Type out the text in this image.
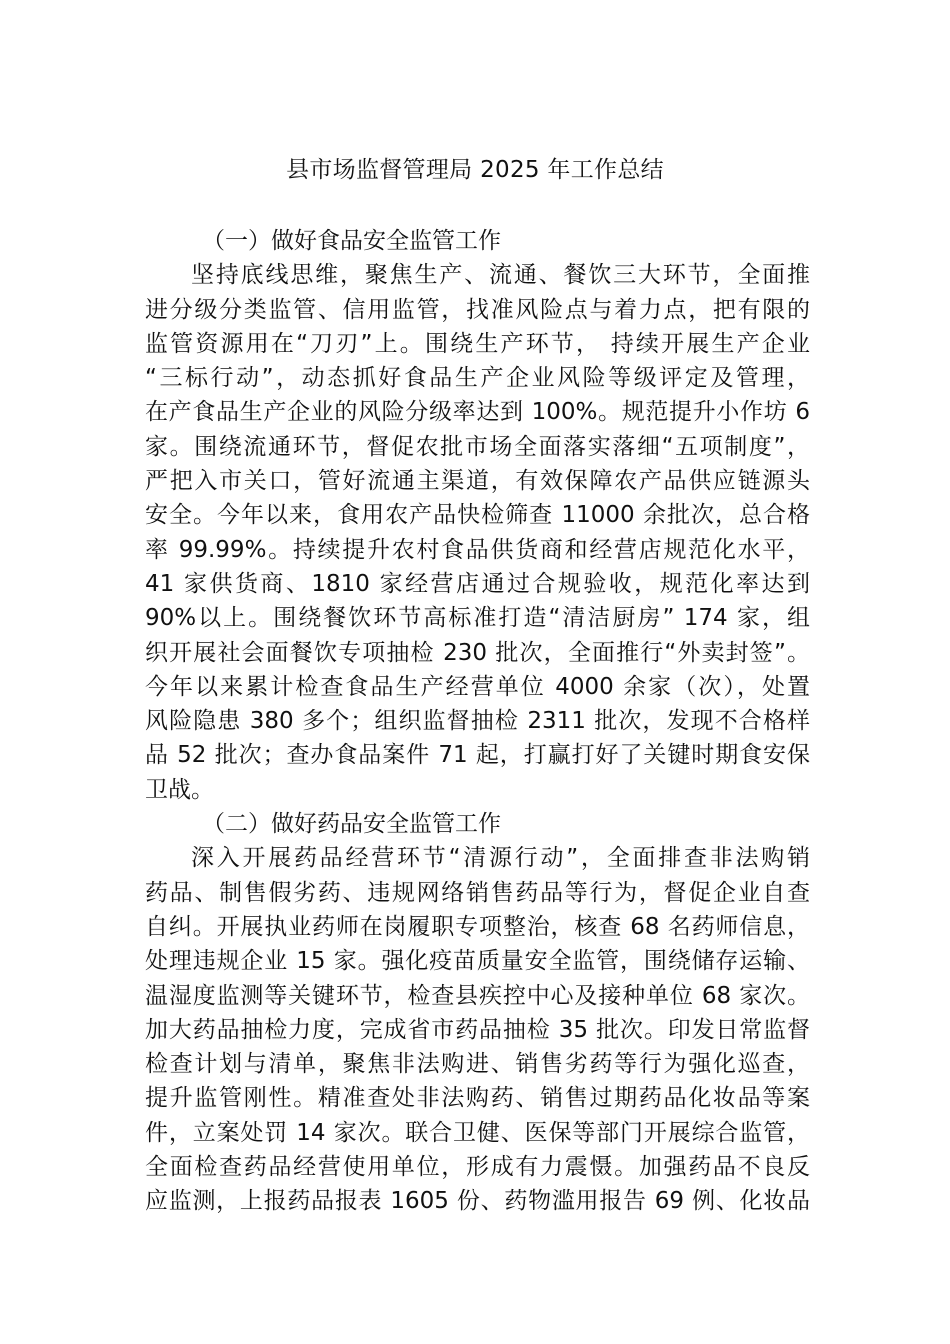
县市场监督管理局 2025 年工作总结
（一）做好食品安全监管工作
坚持底线思维，聚焦生产、流通、餐饮三大环节，全面推
进分级分类监管、信用监管，找准风险点与着力点，把有限的
监管资源用在“刀刃”上。围绕生产环节， 持续开展生产企业
“三标行动”，动态抓好食品生产企业风险等级评定及管理，
在产食品生产企业的风险分级率达到 100%。规范提升小作坊 6
家。围绕流通环节，督促农批市场全面落实落细“五项制度”，
严把入市关口，管好流通主渠道，有效保障农产品供应链源头
安全。今年以来，食用农产品快检筛查 11000 余批次，总合格
率 99.99%。持续提升农村食品供货商和经营店规范化水平，
41 家供货商、1810 家经营店通过合规验收，规范化率达到
90%以上。围绕餐饮环节高标准打造“清洁厨房” 174 家，组
织开展社会面餐饮专项抽检 230 批次，全面推行“外卖封签”。
今年以来累计检查食品生产经营单位 4000 余家（次），处置
风险隐患 380 多个；组织监督抽检 2311 批次，发现不合格样
品 52 批次；查办食品案件 71 起，打赢打好了关键时期食安保
卫战。
（二）做好药品安全监管工作
深入开展药品经营环节“清源行动”，全面排查非法购销
药品、制售假劣药、违规网络销售药品等行为，督促企业自查
自纠。开展执业药师在岗履职专项整治，核查 68 名药师信息，
处理违规企业 15 家。强化疫苗质量安全监管，围绕储存运输、
温湿度监测等关键环节，检查县疾控中心及接种单位 68 家次。
加大药品抽检力度，完成省市药品抽检 35 批次。印发日常监督
检查计划与清单，聚焦非法购进、销售劣药等行为强化巡查，
提升监管刚性。精准查处非法购药、销售过期药品化妆品等案
件，立案处罚 14 家次。联合卫健、医保等部门开展综合监管，
全面检查药品经营使用单位，形成有力震慑。加强药品不良反
应监测，上报药品报表 1605 份、药物滥用报告 69 例、化妆品
